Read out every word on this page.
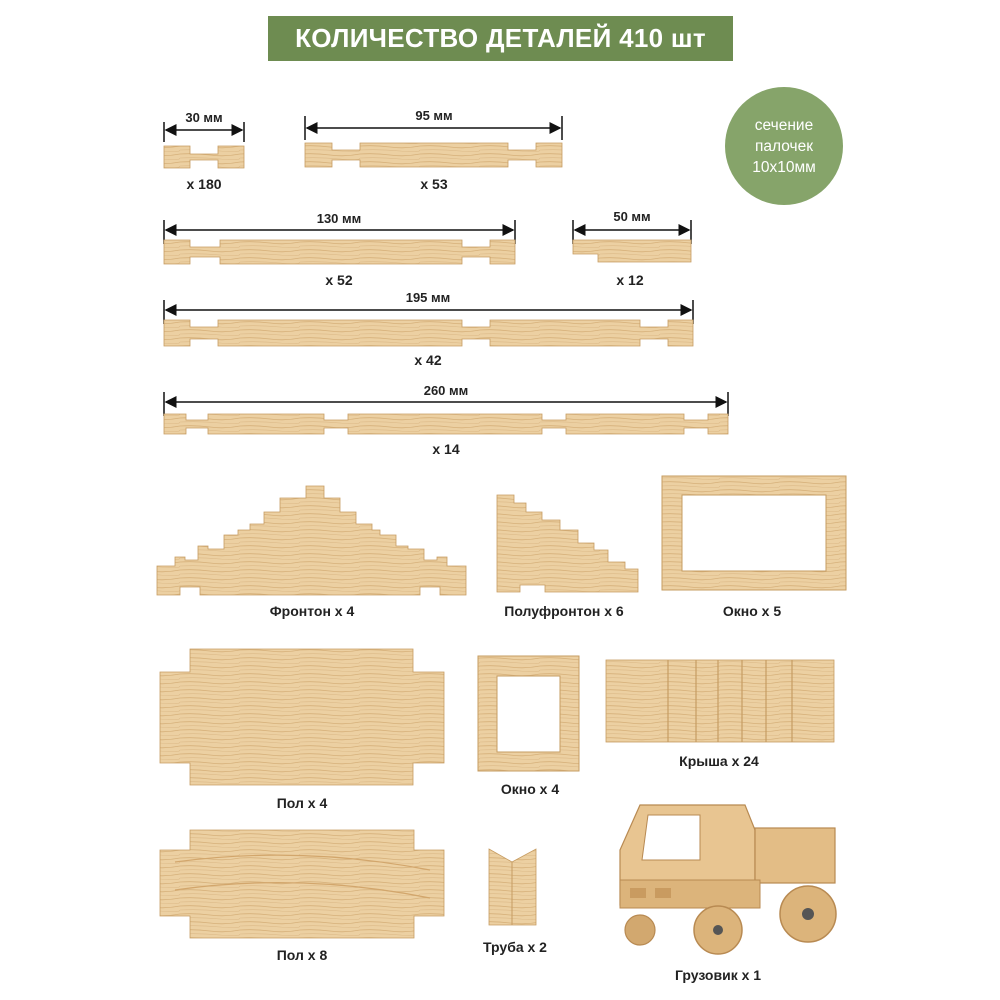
КОЛИЧЕСТВО ДЕТАЛЕЙ 410 шт
сечение
палочек
10х10мм
30 мм
x 180
95 мм
x 53
130 мм
x 52
50 мм
x 12
195 мм
x 42
260 мм
x 14
Фронтон х 4	Полуфронтон х 6	Окно х 5
Пол х 4
Окно х 4
Крыша х 24
Пол х 8	Труба х 2
Грузовик х 1
